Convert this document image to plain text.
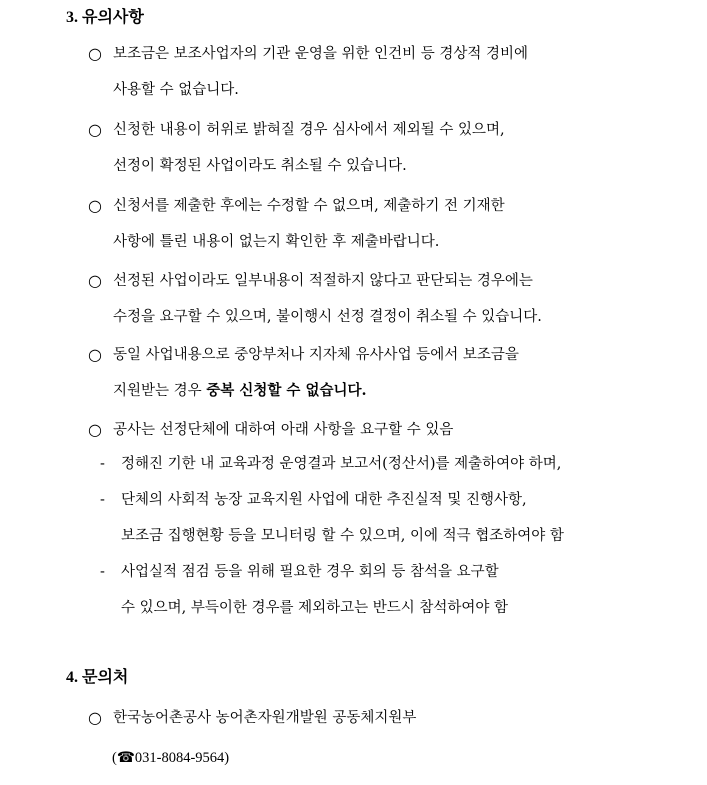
3. 유의사항
○ 보조금은 보조사업자의 기관 운영을 위한 인건비 등 경상적 경비에
사용할 수 없습니다.
○ 신청한 내용이 허위로 밝혀질 경우 심사에서 제외될 수 있으며,
선정이 확정된 사업이라도 취소될 수 있습니다.
○ 신청서를 제출한 후에는 수정할 수 없으며, 제출하기 전 기재한
사항에 틀린 내용이 없는지 확인한 후 제출바랍니다.
○ 선정된 사업이라도 일부내용이 적절하지 않다고 판단되는 경우에는
수정을 요구할 수 있으며, 불이행시 선정 결정이 취소될 수 있습니다.
○ 동일 사업내용으로 중앙부처나 지자체 유사사업 등에서 보조금을
지원받는 경우 중복 신청할 수 없습니다.
○ 공사는 선정단체에 대하여 아래 사항을 요구할 수 있음
- 정해진 기한 내 교육과정 운영결과 보고서(정산서)를 제출하여야 하며,
- 단체의 사회적 농장 교육지원 사업에 대한 추진실적 및 진행사항,
보조금 집행현황 등을 모니터링 할 수 있으며, 이에 적극 협조하여야 함
- 사업실적 점검 등을 위해 필요한 경우 회의 등 참석을 요구할
수 있으며, 부득이한 경우를 제외하고는 반드시 참석하여야 함
4. 문의처
○ 한국농어촌공사 농어촌자원개발원 공동체지원부
(☎031-8084-9564)
